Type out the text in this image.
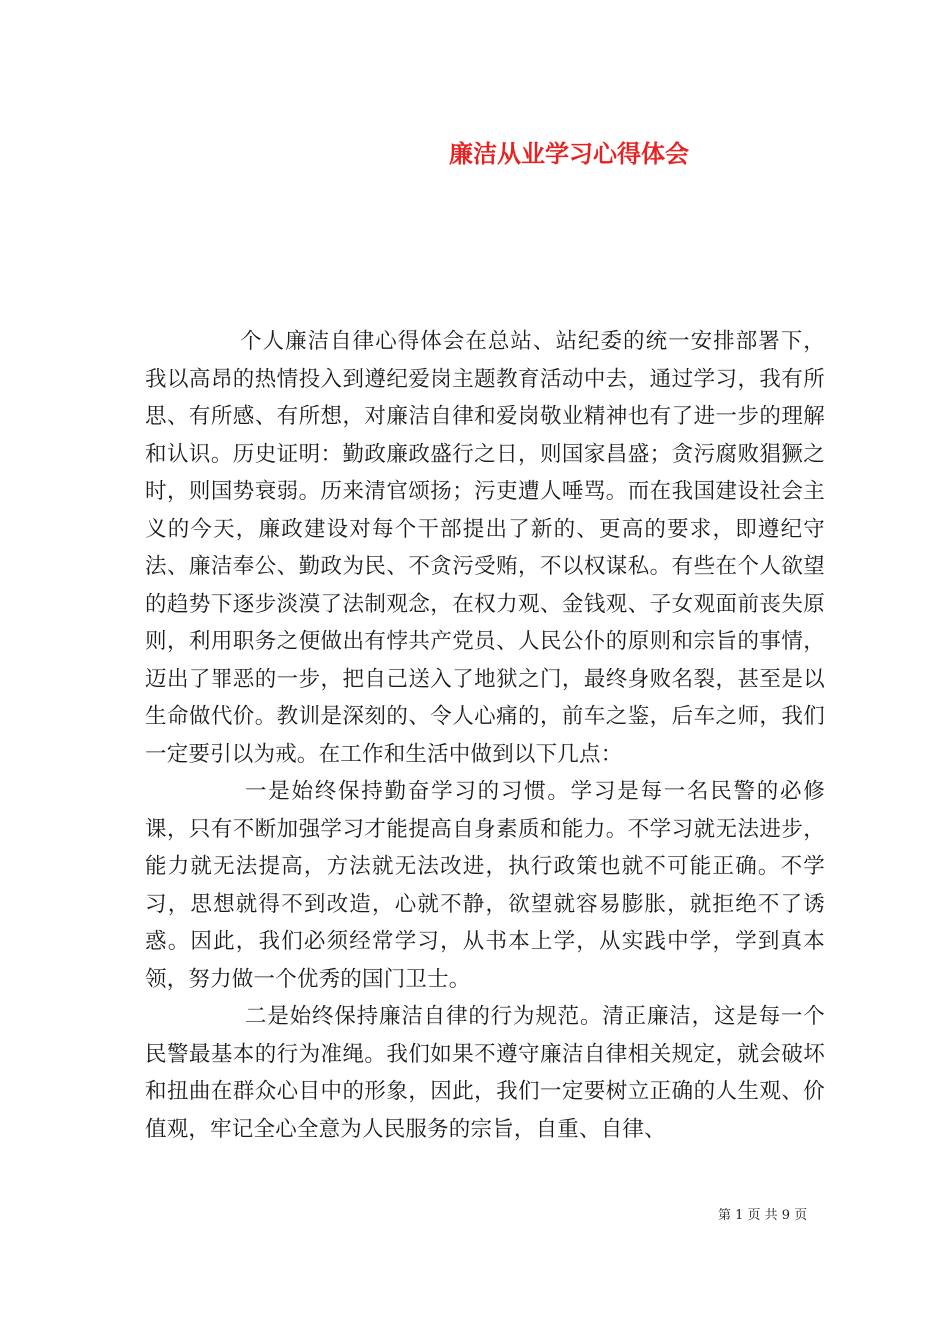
廉洁从业学习心得体会

个人廉洁自律心得体会在总站、站纪委的统一安排部署下，我以高昂的热情投入到遵纪爱岗主题教育活动中去，通过学习，我有所思、有所感、有所想，对廉洁自律和爱岗敬业精神也有了进一步的理解和认识。历史证明：勤政廉政盛行之日，则国家昌盛；贪污腐败猖獗之时，则国势衰弱。历来清官颂扬；污吏遭人唾骂。而在我国建设社会主义的今天，廉政建设对每个干部提出了新的、更高的要求，即遵纪守法、廉洁奉公、勤政为民、不贪污受贿，不以权谋私。有些在个人欲望的趋势下逐步淡漠了法制观念，在权力观、金钱观、子女观面前丧失原则，利用职务之便做出有悖共产党员、人民公仆的原则和宗旨的事情，迈出了罪恶的一步，把自己送入了地狱之门，最终身败名裂，甚至是以生命做代价。教训是深刻的、令人心痛的，前车之鉴，后车之师，我们一定要引以为戒。在工作和生活中做到以下几点：

一是始终保持勤奋学习的习惯。学习是每一名民警的必修课，只有不断加强学习才能提高自身素质和能力。不学习就无法进步，能力就无法提高，方法就无法改进，执行政策也就不可能正确。不学习，思想就得不到改造，心就不静，欲望就容易膨胀，就拒绝不了诱惑。因此，我们必须经常学习，从书本上学，从实践中学，学到真本领，努力做一个优秀的国门卫士。

二是始终保持廉洁自律的行为规范。清正廉洁，这是每一个民警最基本的行为准绳。我们如果不遵守廉洁自律相关规定，就会破坏和扭曲在群众心目中的形象，因此，我们一定要树立正确的人生观、价值观，牢记全心全意为人民服务的宗旨，自重、自律、

第 1 页 共 9 页
